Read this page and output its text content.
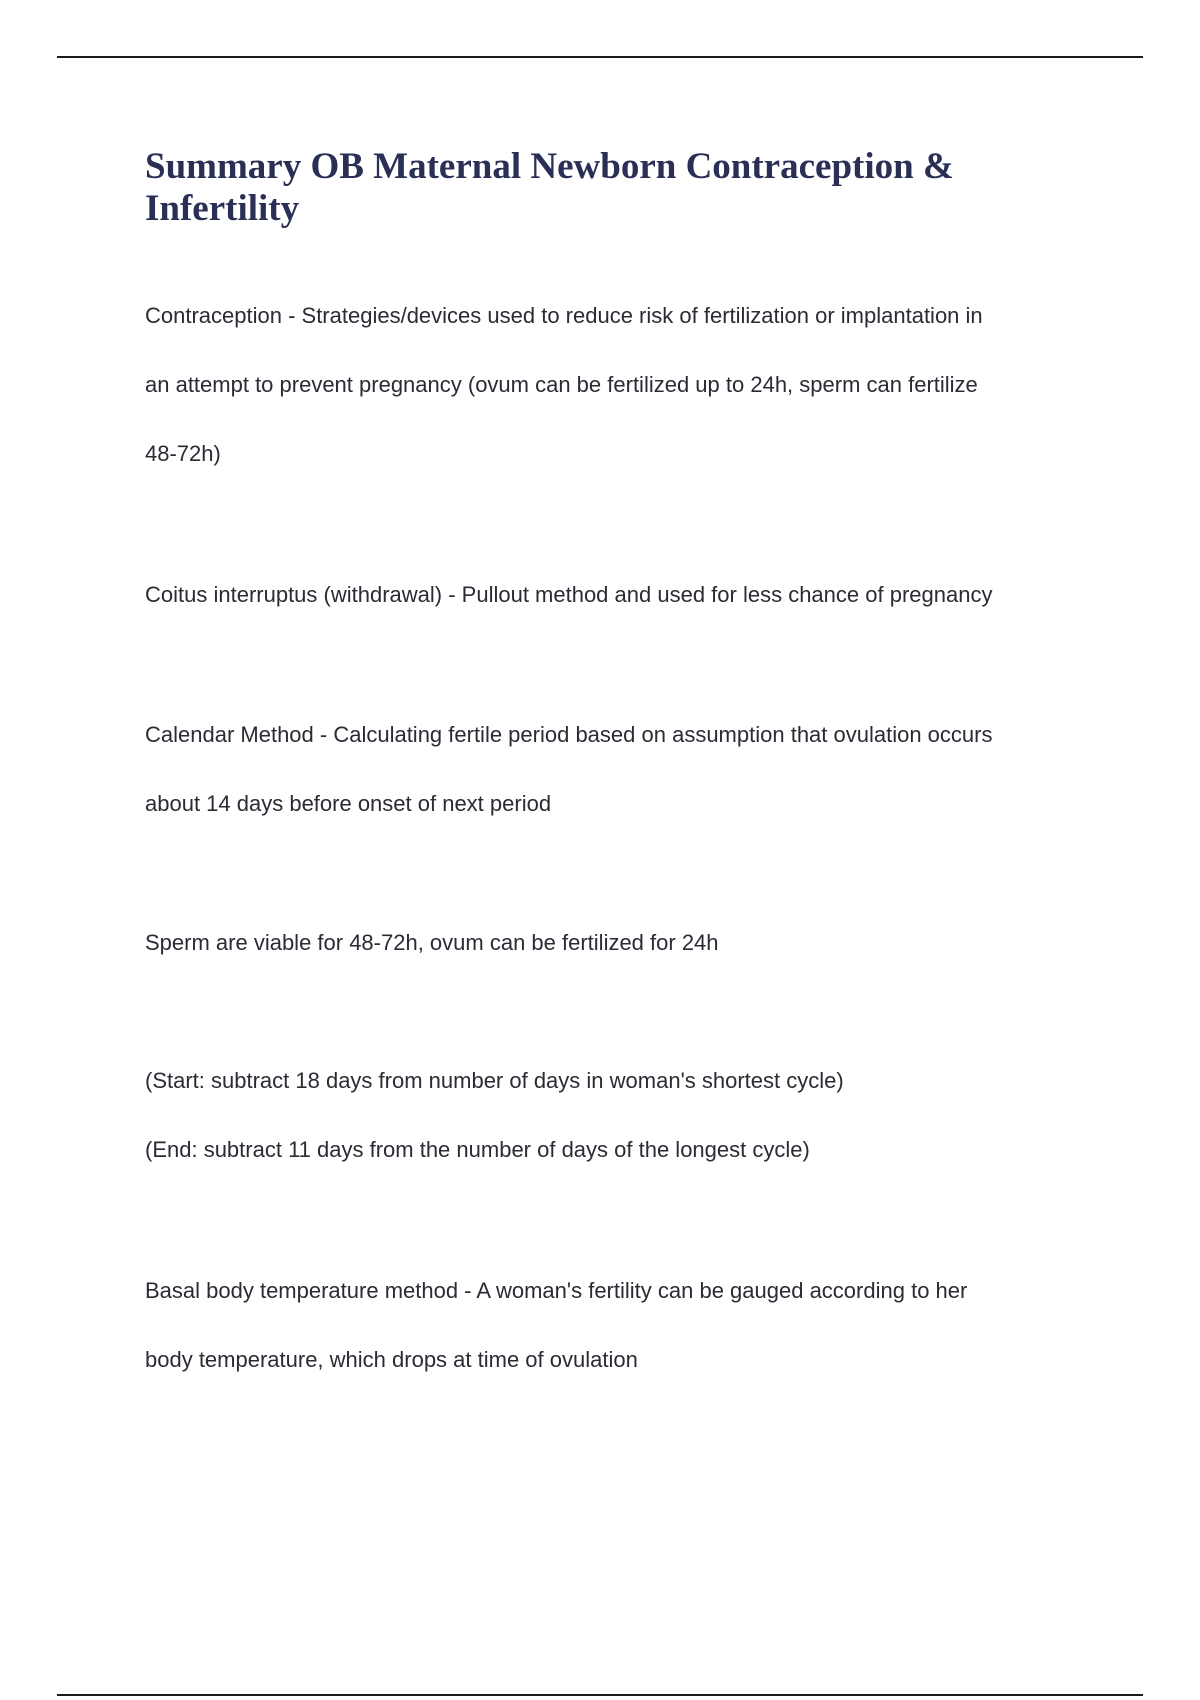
Summary OB Maternal Newborn Contraception &
Infertility
Contraception - Strategies/devices used to reduce risk of fertilization or implantation in
an attempt to prevent pregnancy (ovum can be fertilized up to 24h, sperm can fertilize
48-72h)
Coitus interruptus (withdrawal) - Pullout method and used for less chance of pregnancy
Calendar Method - Calculating fertile period based on assumption that ovulation occurs
about 14 days before onset of next period
Sperm are viable for 48-72h, ovum can be fertilized for 24h
(Start: subtract 18 days from number of days in woman's shortest cycle)
(End: subtract 11 days from the number of days of the longest cycle)
Basal body temperature method - A woman's fertility can be gauged according to her
body temperature, which drops at time of ovulation
